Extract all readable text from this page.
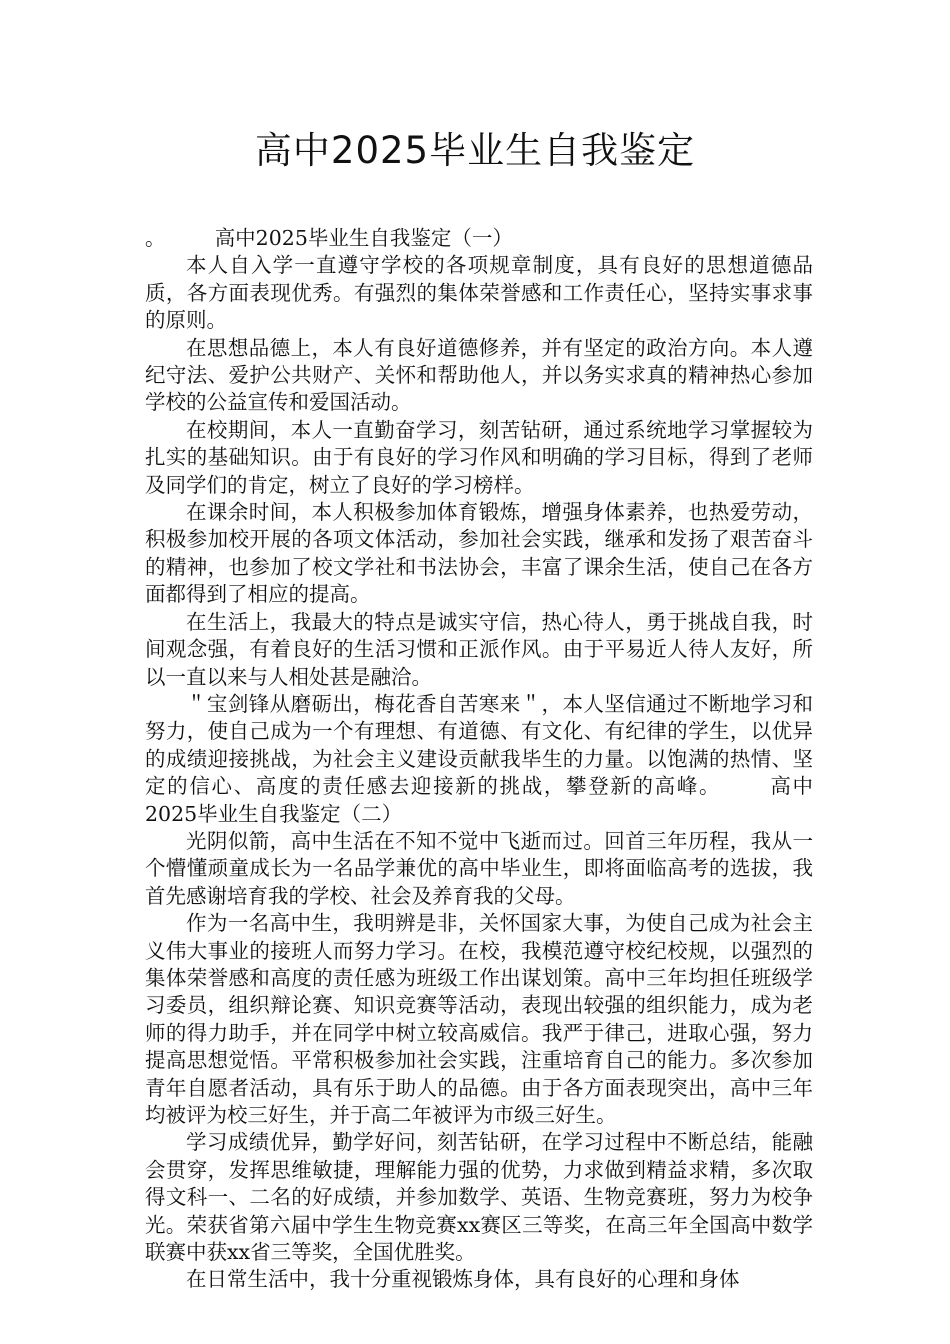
高中2025毕业生自我鉴定

。 高中2025毕业生自我鉴定（一）

本人自入学一直遵守学校的各项规章制度，具有良好的思想道德品质，各方面表现优秀。有强烈的集体荣誉感和工作责任心，坚持实事求事的原则。

在思想品德上，本人有良好道德修养，并有坚定的政治方向。本人遵纪守法、爱护公共财产、关怀和帮助他人，并以务实求真的精神热心参加学校的公益宣传和爱国活动。

在校期间，本人一直勤奋学习，刻苦钻研，通过系统地学习掌握较为扎实的基础知识。由于有良好的学习作风和明确的学习目标，得到了老师及同学们的肯定，树立了良好的学习榜样。

在课余时间，本人积极参加体育锻炼，增强身体素养，也热爱劳动，积极参加校开展的各项文体活动，参加社会实践，继承和发扬了艰苦奋斗的精神，也参加了校文学社和书法协会，丰富了课余生活，使自己在各方面都得到了相应的提高。

在生活上，我最大的特点是诚实守信，热心待人，勇于挑战自我，时间观念强，有着良好的生活习惯和正派作风。由于平易近人待人友好，所以一直以来与人相处甚是融洽。

＂宝剑锋从磨砺出，梅花香自苦寒来＂，本人坚信通过不断地学习和努力，使自己成为一个有理想、有道德、有文化、有纪律的学生，以优异的成绩迎接挑战，为社会主义建设贡献我毕生的力量。以饱满的热情、坚定的信心、高度的责任感去迎接新的挑战，攀登新的高峰。 高中2025毕业生自我鉴定（二）

光阴似箭，高中生活在不知不觉中飞逝而过。回首三年历程，我从一个懵懂顽童成长为一名品学兼优的高中毕业生，即将面临高考的选拔，我首先感谢培育我的学校、社会及养育我的父母。

作为一名高中生，我明辨是非，关怀国家大事，为使自己成为社会主义伟大事业的接班人而努力学习。在校，我模范遵守校纪校规，以强烈的集体荣誉感和高度的责任感为班级工作出谋划策。高中三年均担任班级学习委员，组织辩论赛、知识竞赛等活动，表现出较强的组织能力，成为老师的得力助手，并在同学中树立较高威信。我严于律己，进取心强，努力提高思想觉悟。平常积极参加社会实践，注重培育自己的能力。多次参加青年自愿者活动，具有乐于助人的品德。由于各方面表现突出，高中三年均被评为校三好生，并于高二年被评为市级三好生。

学习成绩优异，勤学好问，刻苦钻研，在学习过程中不断总结，能融会贯穿，发挥思维敏捷，理解能力强的优势，力求做到精益求精，多次取得文科一、二名的好成绩，并参加数学、英语、生物竞赛班，努力为校争光。荣获省第六届中学生生物竞赛xx赛区三等奖，在高三年全国高中数学联赛中获xx省三等奖，全国优胜奖。

在日常生活中，我十分重视锻炼身体，具有良好的心理和身体
